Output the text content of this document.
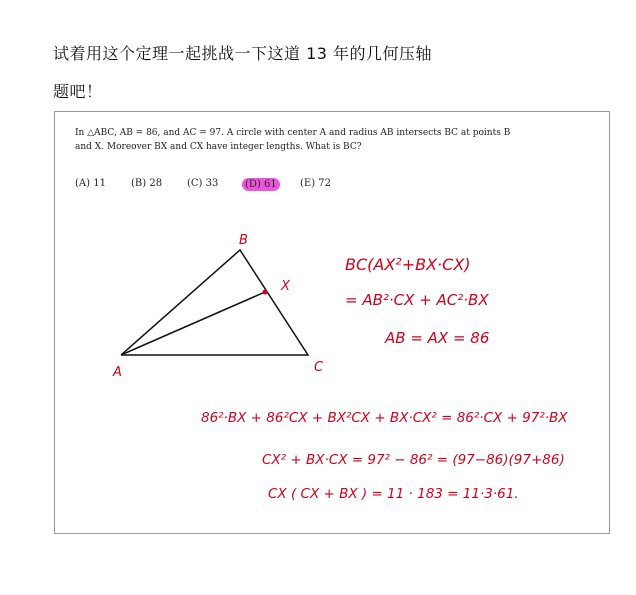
试着用这个定理一起挑战一下这道 13 年的几何压轴
题吧！
In △ABC, AB = 86, and AC = 97. A circle with center A and radius AB intersects BC at points B
and X. Moreover BX and CX have integer lengths. What is BC?
(A) 11	(B) 28 (C) 33	(D) 61	(E) 72
B
X
A	C
BC(AX²+BX·CX)
= AB²·CX + AC²·BX
AB = AX = 86
86²·BX + 86²CX + BX²CX + BX·CX² = 86²·CX + 97²·BX
CX² + BX·CX = 97² − 86² = (97−86)(97+86)
CX ( CX + BX ) = 11 · 183 = 11·3·61.
